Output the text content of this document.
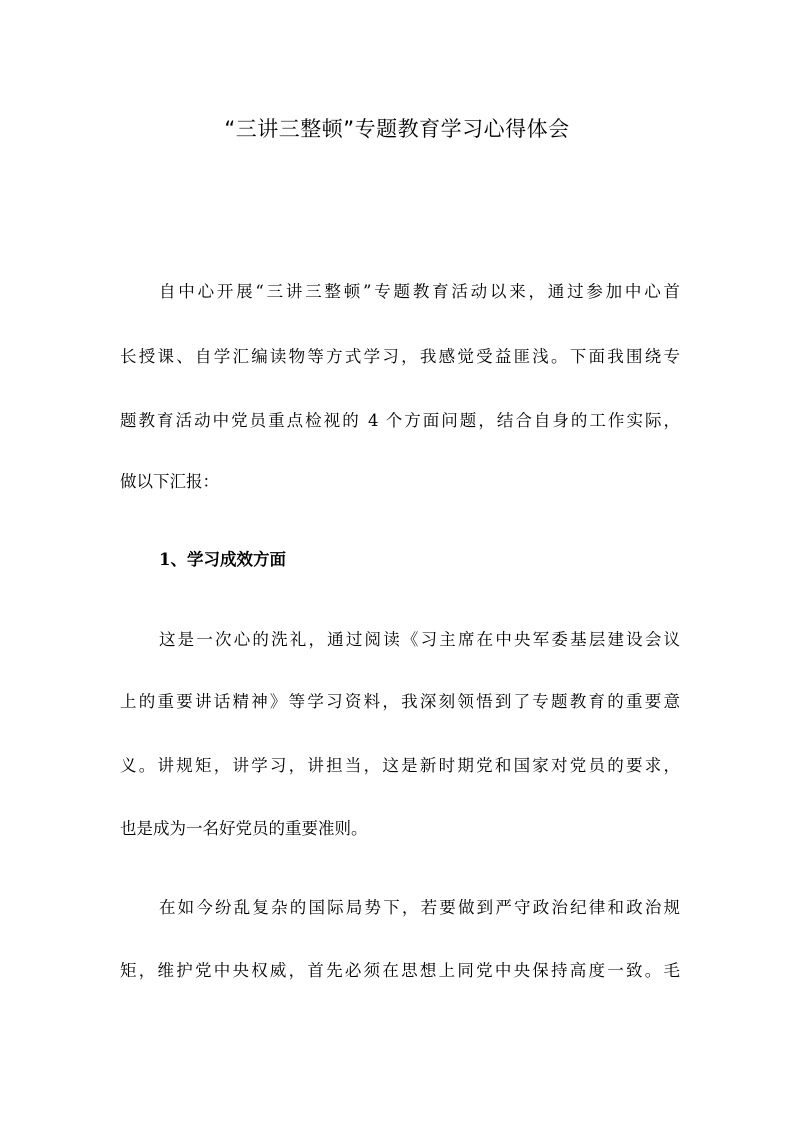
“三讲三整顿”专题教育学习心得体会
自中心开展“三讲三整顿”专题教育活动以来，通过参加中心首
长授课、自学汇编读物等方式学习，我感觉受益匪浅。下面我围绕专
题教育活动中党员重点检视的 4 个方面问题，结合自身的工作实际，
做以下汇报：
1、学习成效方面
这是一次心的洗礼，通过阅读《习主席在中央军委基层建设会议
上的重要讲话精神》等学习资料，我深刻领悟到了专题教育的重要意
义。讲规矩，讲学习，讲担当，这是新时期党和国家对党员的要求，
也是成为一名好党员的重要准则。
在如今纷乱复杂的国际局势下，若要做到严守政治纪律和政治规
矩，维护党中央权威，首先必须在思想上同党中央保持高度一致。毛
